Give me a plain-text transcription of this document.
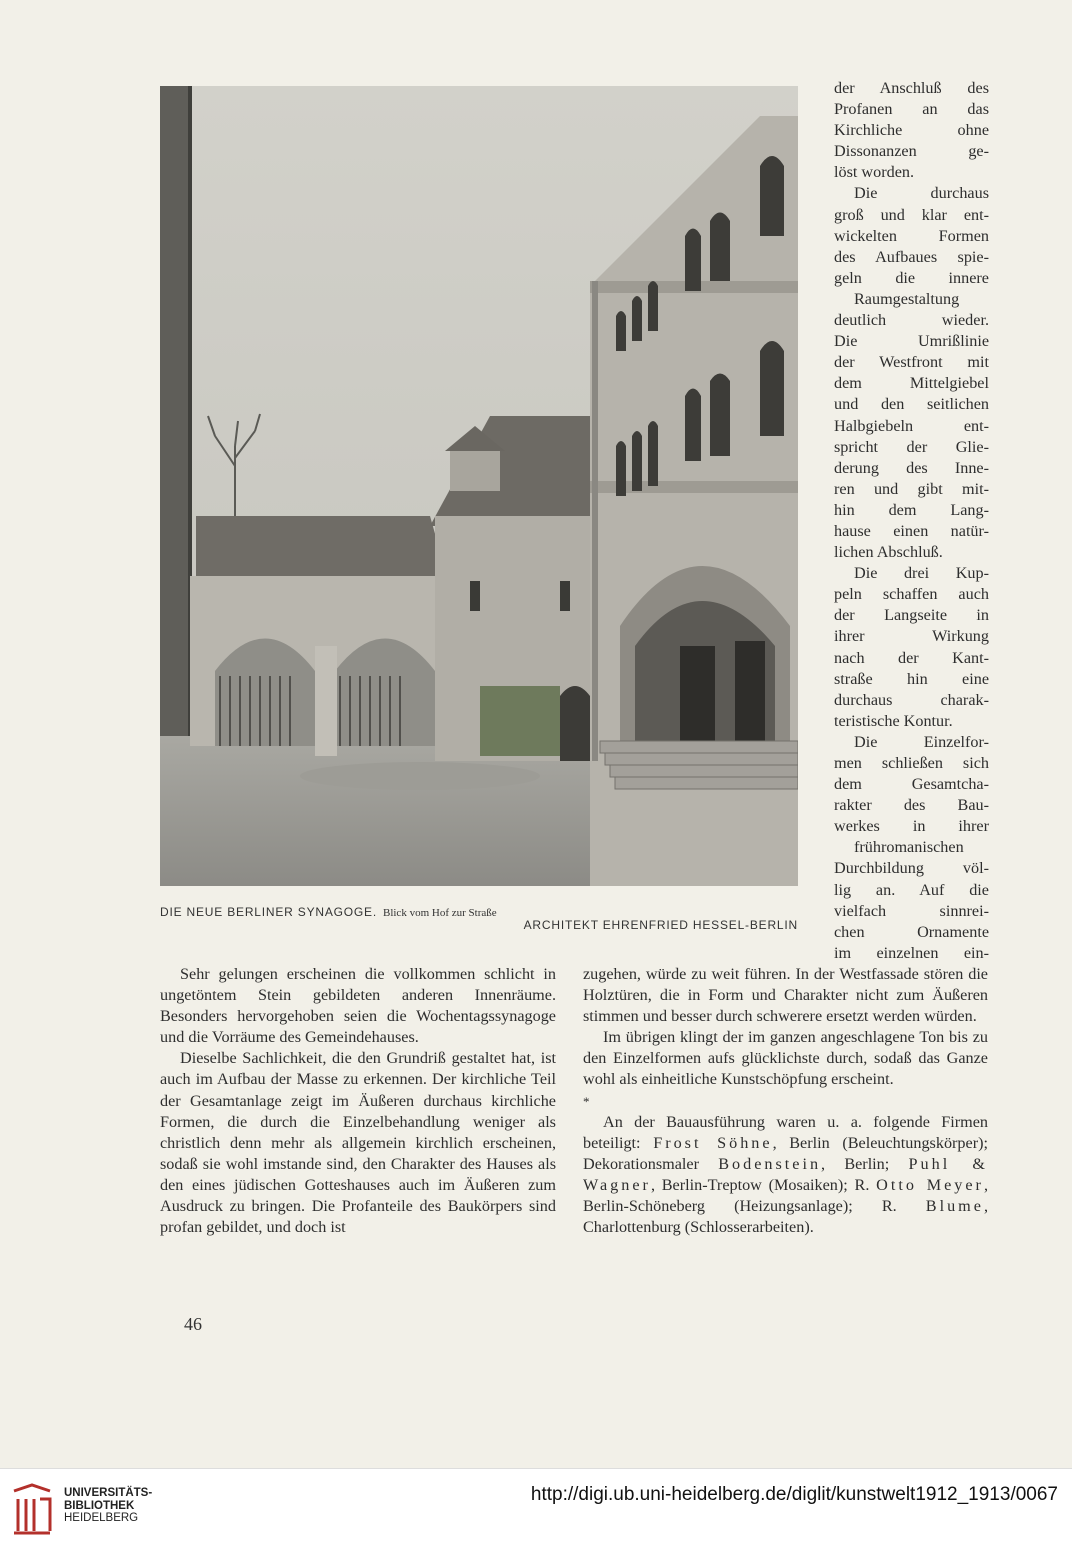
DIE NEUE BERLINER SYNAGOGE. Blick vom Hof zur Straße
ARCHITEKT EHRENFRIED HESSEL-BERLIN

der Anschluß des

Profanen an das

Kirchliche ohne

Dissonanzen ge-

löst worden.

Die durchaus

groß und klar ent-

wickelten Formen

des Aufbaues spie-

geln die innere

Raumgestaltung

deutlich wieder.

Die Umrißlinie

der Westfront mit

dem Mittelgiebel

und den seitlichen

Halbgiebeln ent-

spricht der Glie-

derung des Inne-

ren und gibt mit-

hin dem Lang-

hause einen natür-

lichen Abschluß.

Die drei Kup-

peln schaffen auch

der Langseite in

ihrer Wirkung

nach der Kant-

straße hin eine

durchaus charak-

teristische Kontur.

Die Einzelfor-

men schließen sich

dem Gesamtcha-

rakter des Bau-

werkes in ihrer

frühromanischen

Durchbildung völ-

lig an. Auf die

vielfach sinnrei-

chen Ornamente

im einzelnen ein-

Sehr gelungen erscheinen die vollkommen schlicht in ungetöntem Stein gebildeten anderen Innenräume. Besonders hervorgehoben seien die Wochentagssynagoge und die Vorräume des Gemeindehauses.

Dieselbe Sachlichkeit, die den Grundriß gestaltet hat, ist auch im Aufbau der Masse zu erkennen. Der kirchliche Teil der Gesamtanlage zeigt im Äußeren durchaus kirchliche Formen, die durch die Einzelbehandlung weniger als christlich denn mehr als allgemein kirchlich erscheinen, sodaß sie wohl imstande sind, den Charakter des Hauses als den eines jüdischen Gotteshauses auch im Äußeren zum Ausdruck zu bringen. Die Profanteile des Baukörpers sind profan gebildet, und doch ist

zugehen, würde zu weit führen. In der Westfassade stören die Holztüren, die in Form und Charakter nicht zum Äußeren stimmen und besser durch schwerere ersetzt werden würden.

Im übrigen klingt der im ganzen angeschlagene Ton bis zu den Einzelformen aufs glücklichste durch, sodaß das Ganze wohl als einheitliche Kunstschöpfung erscheint.

*

An der Bauausführung waren u. a. folgende Firmen beteiligt: Frost Söhne, Berlin (Beleuchtungskörper); Dekorationsmaler Bodenstein, Berlin; Puhl & Wagner, Berlin-Treptow (Mosaiken); R. Otto Meyer, Berlin-Schöneberg (Heizungsanlage); R. Blume, Charlottenburg (Schlosserarbeiten).

46
UNIVERSITÄTS-
BIBLIOTHEK
HEIDELBERG
http://digi.ub.uni-heidelberg.de/diglit/kunstwelt1912_1913/0067
